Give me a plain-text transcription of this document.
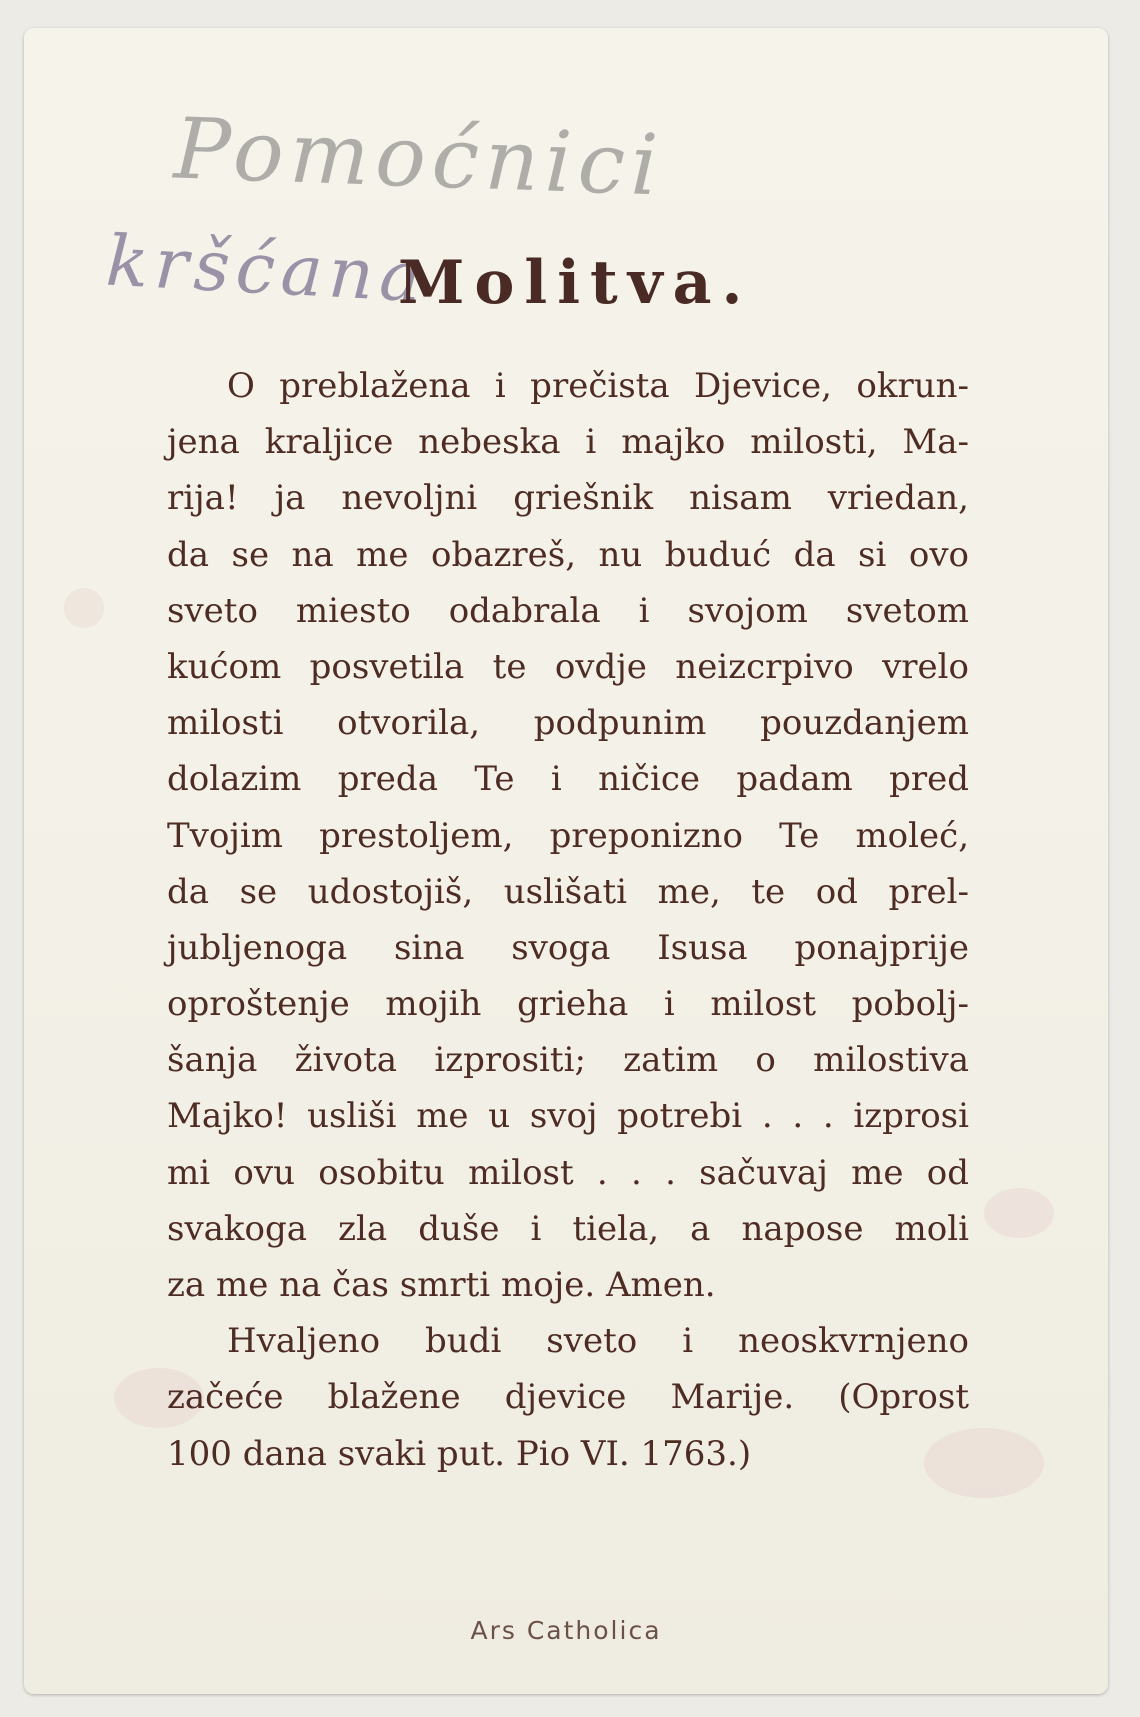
Pomoćnici
kršćana
Molitva.
O preblažena i prečista Djevice, okrun-
jena kraljice nebeska i majko milosti, Ma-
rija! ja nevoljni griešnik nisam vriedan,
da se na me obazreš, nu buduć da si ovo
sveto miesto odabrala i svojom svetom
kućom posvetila te ovdje neizcrpivo vrelo
milosti otvorila, podpunim pouzdanjem
dolazim preda Te i ničice padam pred
Tvojim prestoljem, preponizno Te moleć,
da se udostojiš, uslišati me, te od prel-
jubljenoga sina svoga Isusa ponajprije
oproštenje mojih grieha i milost pobolj-
šanja života izprositi; zatim o milostiva
Majko! usliši me u svoj potrebi . . . izprosi
mi ovu osobitu milost . . . sačuvaj me od
svakoga zla duše i tiela, a napose moli
za me na čas smrti moje. Amen.
Hvaljeno budi sveto i neoskvrnjeno
začeće blažene djevice Marije. (Oprost
100 dana svaki put. Pio VI. 1763.)
Ars Catholica
